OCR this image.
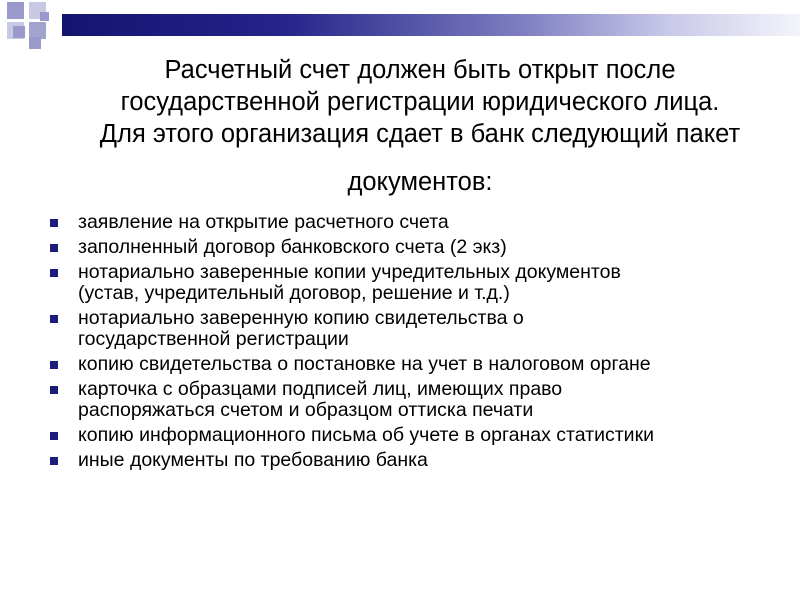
Расчетный счет должен быть открыт после
государственной регистрации юридического лица.
Для этого организация сдает в банк следующий пакет
документов:
заявление на открытие расчетного счета
заполненный договор банковского счета (2 экз)
нотариально заверенные копии учредительных документов
(устав, учредительный договор, решение и т.д.)
нотариально заверенную копию свидетельства о
государственной регистрации
копию свидетельства о постановке на учет в налоговом органе
карточка с образцами подписей лиц, имеющих право
распоряжаться счетом и образцом оттиска печати
копию информационного письма об учете в органах статистики
иные документы по требованию банка
